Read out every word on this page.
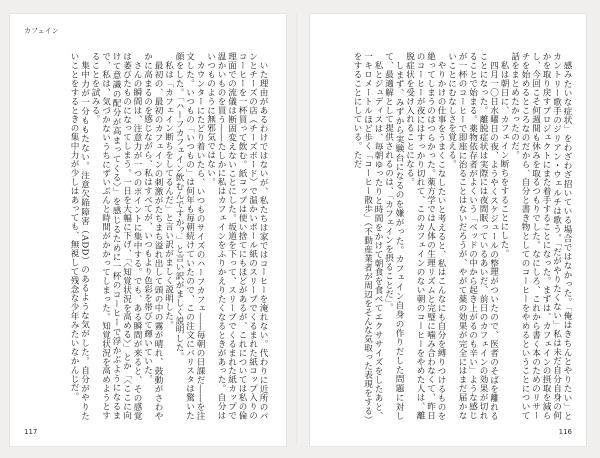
カフェイン

いた理由があるわけではないが、私たちは家ではコーヒーを淹れない。代わりに近所のパンとチーズの店（チーズボード）で温かいボール紙のスリーブでくるまれた紙コップ入りのコーヒーを一杯買って飲む。紙コップは使い捨てにもほどがあるが、これについては私の倫理面での流儀は断固変えないことにした。坂道を下って、スリーブでくるまれた紙カップで温かいものを買う――たしかに私はカフェインをふりかえりたくなるときがあった。自分はいつものように無邪気ではない。

カウンターにたどり着いたら、いつものサイズのハーフカフェ――毎朝の日課だ――を注文した。いつもの「いつもの」は何年も毎朝続けていたので、この注文にバリスタは驚いた顔をした。「ハーフカフェイン飲むんですか？」と言い訳がましく説明した。

私は「カフェイン断ちをしてるんだ」と言い訳がましく説明した。

最初の、最初のカフェインの刺激がたちまち溢れ出して頭の中の霧が晴れ、鼓動がさわやかに高まるのを感じながら、私はすべてが、いつもより色彩を帯びて輝いていた。

さんの瞬間は、注意力が一つのポイントに集中する。でも、ある瞬間が来ると、その感覚は萎びたものになってしまう。一日を大幅に下げ、「〈知覚状況を高める〉」とか「〈ここに向けて意識の配分が高まってくる〉」を感じるために一杯のコーヒーで浮かぶようになるまで、私は、気づかないうちにずいぶんと時間がかかってしまった。知覚状況を高めようとすることを試みる。

集中力が一分ももたない。注意欠陥障害（ADD）のあるような気がした。自分がやりたいことをするときの集中力が少しはあっても、無視して残念な少年みたいなかんじだ。

117

感みたいな症状」をわざわざ招いている場合ではなかった。「俺はきちんとやりたい」とカントリー歌手のジリアン・ウェルチは歌う。「だがやりたくない」私は未だ自分自身の何かを取り戻すプロジェクトにまた着手することになった。まずは、カフェインの摂取を減らし、今回こそ何週間も休みを取るつもりでした。なにしろ、これから書く本のためのリサーチを始めるところなのだから、自分と書き物としてのコーヒーをやめるということについて話をまとめたかったのだ。

私は朝日に、カフェイン断ちをすることにした。

四月一〇日水曜日の夜、ようやくスケジュールの整理がついたので、医者のそばを離れることになった。離脱症状は実際には夜間眠っているあいだ、前日のカフェインの効果が切れることで始まる。薬物依存者がよくいう「ベッドの中から起き上がるのも辛い」ような感じが一杯のコーヒーで即座に治ることはないだろうが、やがて薬の効果が完全にはまだ届かないことにむなしさを覚える。

やりかけの仕事をうまくこなしたいと考えると、私はこんなにも自分を縛りつけるものを絶ってしまうのはつらかった。薬方学では人体の生理リズムと完璧に噛み合わなくて、昨日のコーヒーが夜にはすっかり切れて、このカフェインのない朝のコーヒーをやめた人は、離脱症状を受け入れることになる。

しまず、みずから実験台になるのを嫌がった。カフェイン自身の作りだした問題に対して、最適解として提供されるのは、「カフェインを摂ることだ」。

私とジュディスは、毎朝ゆったりと時間をかけて朝食を食べてエクササイズをしたあと、一キロメートルほど歩く「コーヒー散歩」（不動産業者が周辺をそんな気取った表現をする）をすることにしている。ただ

116
